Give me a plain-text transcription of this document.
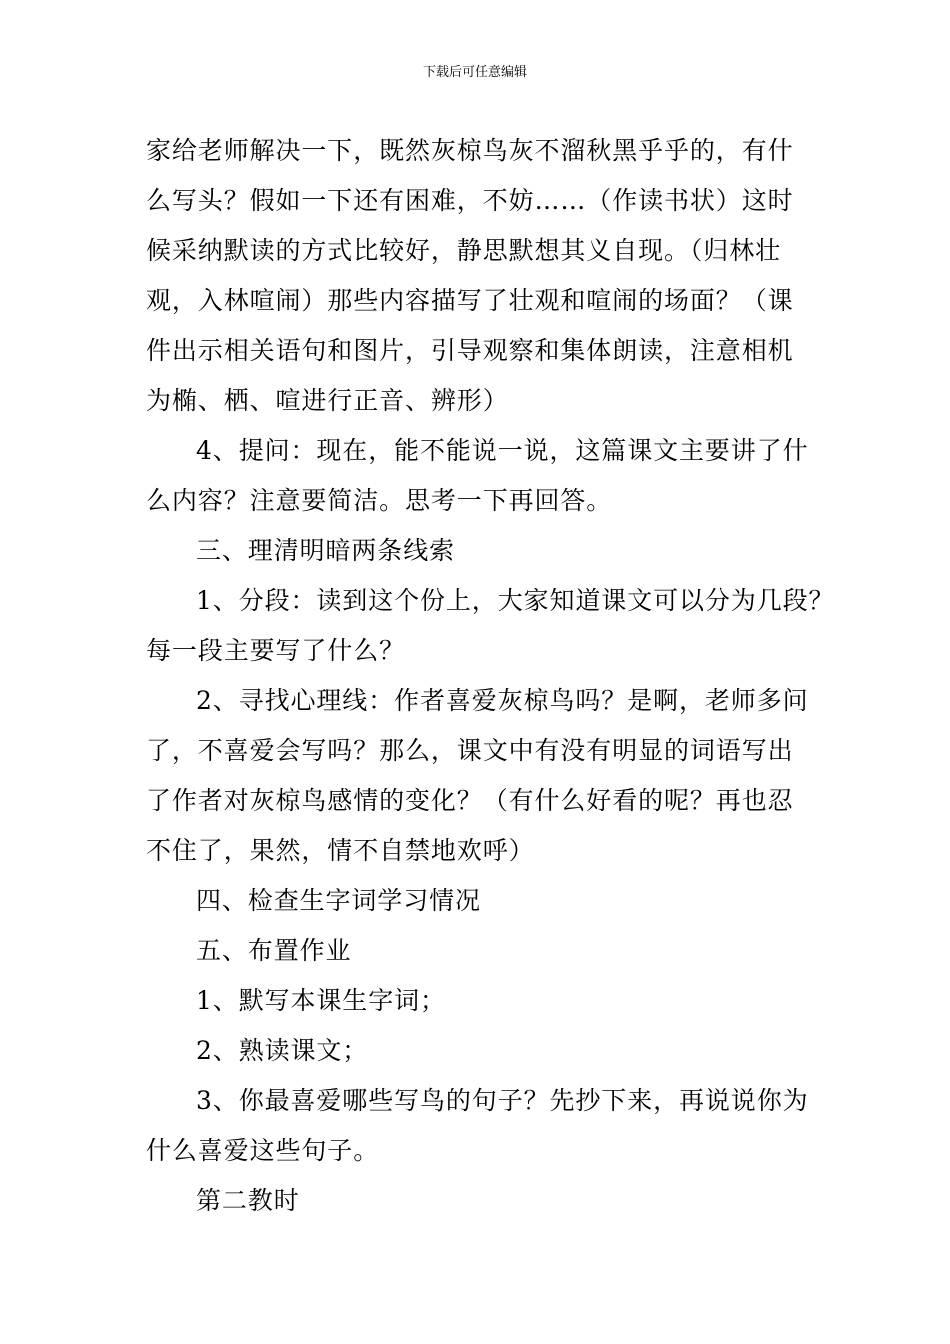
下载后可任意编辑
家给老师解决一下，既然灰椋鸟灰不溜秋黑乎乎的，有什
么写头？假如一下还有困难，不妨……（作读书状）这时
候采纳默读的方式比较好，静思默想其义自现。（归林壮
观，入林喧闹）那些内容描写了壮观和喧闹的场面？（课
件出示相关语句和图片，引导观察和集体朗读，注意相机
为椭、栖、喧进行正音、辨形）
4、提问：现在，能不能说一说，这篇课文主要讲了什
么内容？注意要简洁。思考一下再回答。
三、理清明暗两条线索
1、分段：读到这个份上，大家知道课文可以分为几段？
每一段主要写了什么？
2、寻找心理线：作者喜爱灰椋鸟吗？是啊，老师多问
了，不喜爱会写吗？那么，课文中有没有明显的词语写出
了作者对灰椋鸟感情的变化？（有什么好看的呢？再也忍
不住了，果然，情不自禁地欢呼）
四、检查生字词学习情况
五、布置作业
1、默写本课生字词；
2、熟读课文；
3、你最喜爱哪些写鸟的句子？先抄下来，再说说你为
什么喜爱这些句子。
第二教时
